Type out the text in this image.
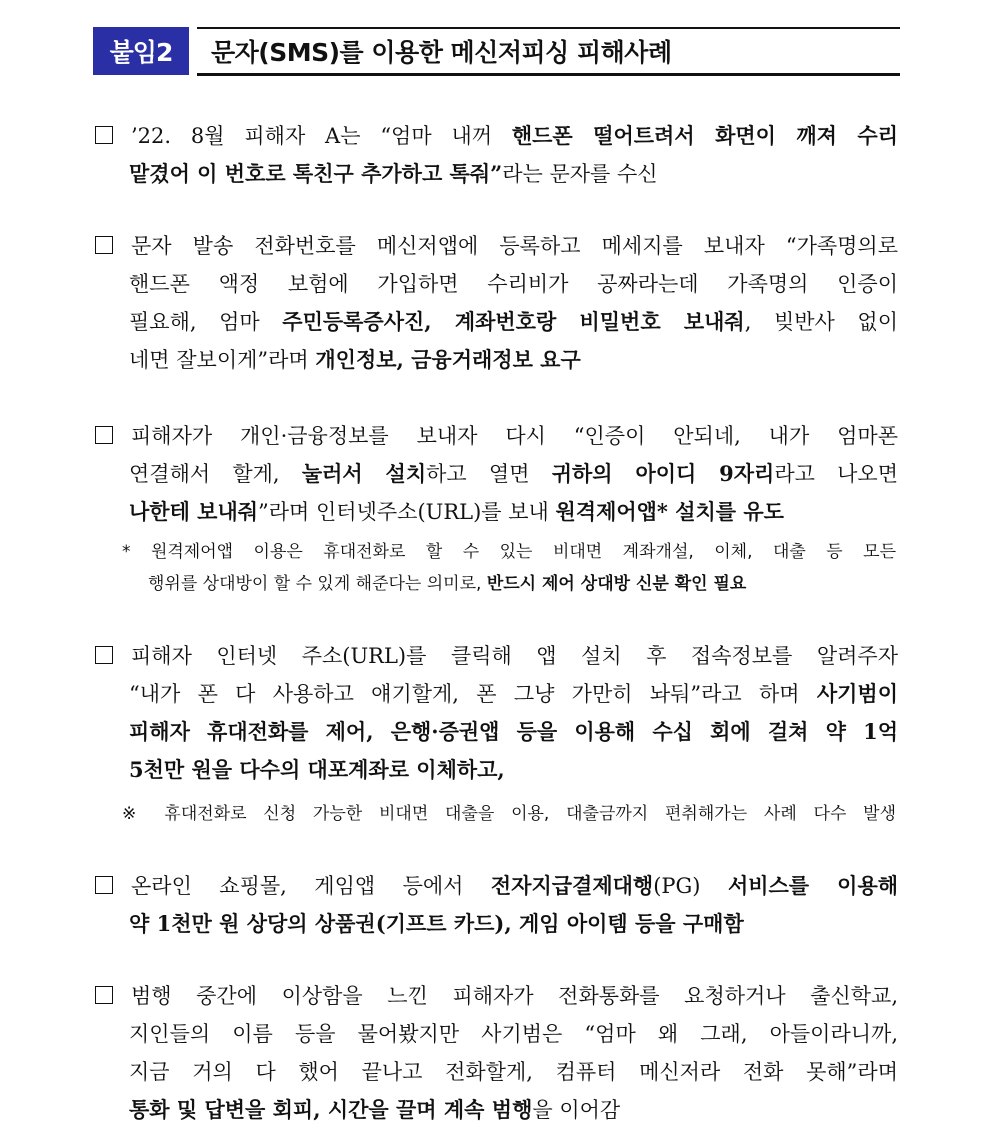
붙임2	문자(SMS)를 이용한 메신저피싱 피해사례
’22. 8월 피해자 A는 “엄마 내꺼 핸드폰 떨어트려서 화면이 깨져 수리
맡겼어 이 번호로 톡친구 추가하고 톡줘”라는 문자를 수신
문자 발송 전화번호를 메신저앱에 등록하고 메세지를 보내자 “가족명의로
핸드폰 액정 보험에 가입하면 수리비가 공짜라는데 가족명의 인증이
필요해, 엄마 주민등록증사진, 계좌번호랑 비밀번호 보내줘, 빚반사 없이
네면 잘보이게”라며 개인정보, 금융거래정보 요구
피해자가 개인·금융정보를 보내자 다시 “인증이 안되네, 내가 엄마폰
연결해서 할게, 눌러서 설치하고 열면 귀하의 아이디 9자리라고 나오면
나한테 보내줘”라며 인터넷주소(URL)를 보내 원격제어앱* 설치를 유도
* 원격제어앱 이용은 휴대전화로 할 수 있는 비대면 계좌개설, 이체, 대출 등 모든
행위를 상대방이 할 수 있게 해준다는 의미로, 반드시 제어 상대방 신분 확인 필요
피해자 인터넷 주소(URL)를 클릭해 앱 설치 후 접속정보를 알려주자
“내가 폰 다 사용하고 얘기할게, 폰 그냥 가만히 놔둬”라고 하며 사기범이
피해자 휴대전화를 제어, 은행·증권앱 등을 이용해 수십 회에 걸쳐 약 1억
5천만 원을 다수의 대포계좌로 이체하고,
※ 휴대전화로 신청 가능한 비대면 대출을 이용, 대출금까지 편취해가는 사례 다수 발생
온라인 쇼핑몰, 게임앱 등에서 전자지급결제대행(PG) 서비스를 이용해
약 1천만 원 상당의 상품권(기프트 카드), 게임 아이템 등을 구매함
범행 중간에 이상함을 느낀 피해자가 전화통화를 요청하거나 출신학교,
지인들의 이름 등을 물어봤지만 사기범은 “엄마 왜 그래, 아들이라니까,
지금 거의 다 했어 끝나고 전화할게, 컴퓨터 메신저라 전화 못해”라며
통화 및 답변을 회피, 시간을 끌며 계속 범행을 이어감
